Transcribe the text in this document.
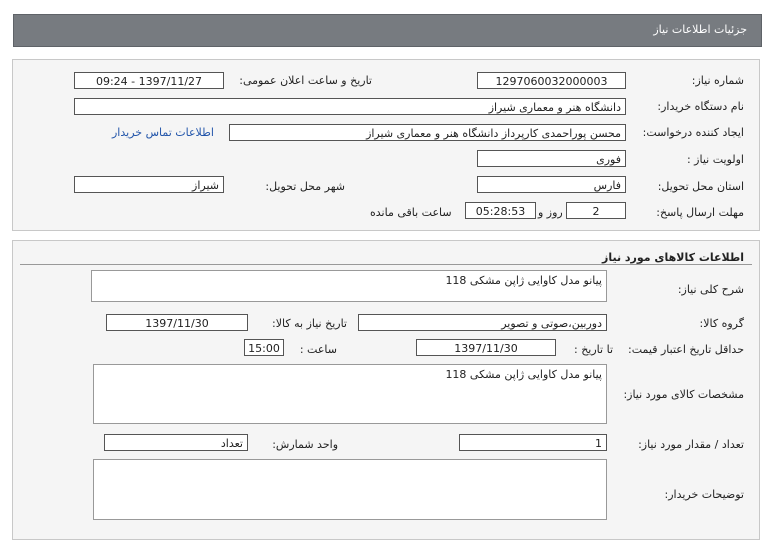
جزئیات اطلاعات نیاز
شماره نیاز:
1297060032000003
تاریخ و ساعت اعلان عمومی:
1397/11/27 - 09:24
نام دستگاه خریدار:
دانشگاه هنر و معماری شیراز
ایجاد کننده درخواست:
محسن پوراحمدی کارپرداز دانشگاه هنر و معماری شیراز
اطلاعات تماس خریدار
اولویت نیاز :
فوری
استان محل تحویل:
فارس
شهر محل تحویل:
شیراز
مهلت ارسال پاسخ:
2
روز و
05:28:53
ساعت باقی مانده
اطلاعات کالاهای مورد نیاز
شرح کلی نیاز:
پیانو مدل کاوایی ژاپن مشکی 118
گروه کالا:
دوربین،صوتی و تصویر
تاریخ نیاز به کالا:
1397/11/30
حداقل تاریخ اعتبار قیمت:
تا تاریخ :
1397/11/30
ساعت :
15:00
مشخصات کالای مورد نیاز:
پیانو مدل کاوایی ژاپن مشکی 118
تعداد / مقدار مورد نیاز:
1
واحد شمارش:
تعداد
توضیحات خریدار:
